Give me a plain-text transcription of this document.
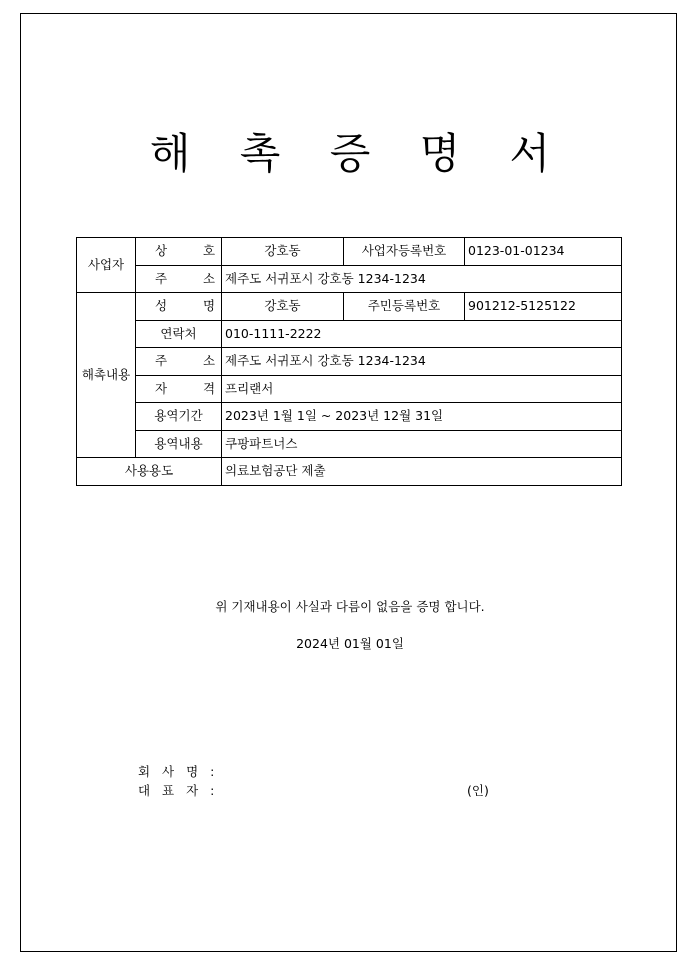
해 촉 증 명 서
사업자	상 호	강호동	사업자등록번호	0123-01-01234
	주 소	제주도 서귀포시 강호동 1234-1234		
해촉내용	성 명	강호동	주민등록번호	901212-5125122
	연락처	010-1111-2222		
	주 소	제주도 서귀포시 강호동 1234-1234		
	자 격	프리랜서		
	용역기간	2023년 1월 1일 ~ 2023년 12월 31일		
	용역내용	쿠팡파트너스		
사용용도		의료보험공단 제출		
위 기재내용이 사실과 다름이 없음을 증명 합니다.
2024년 01월 01일
회 사 명 :
대 표 자 :	(인)
